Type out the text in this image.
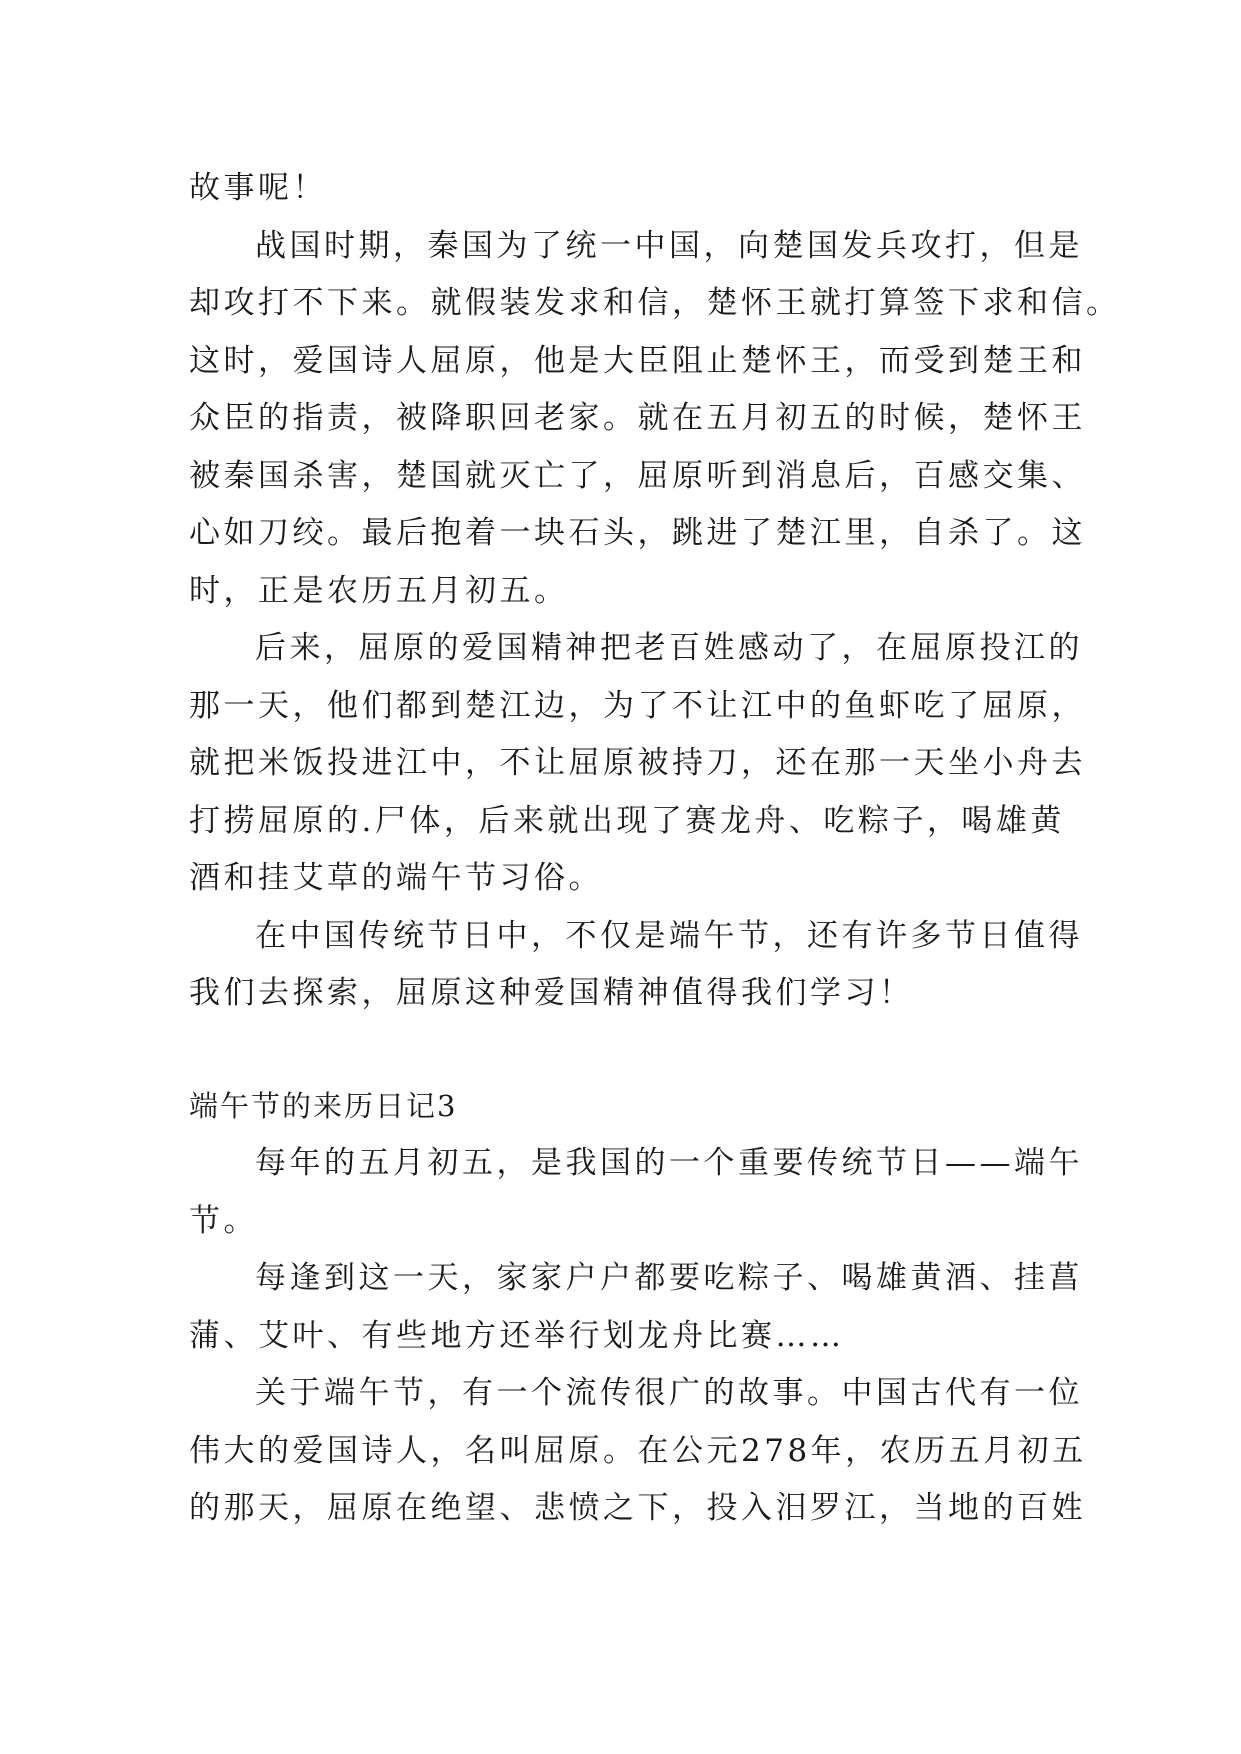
故事呢！
战国时期，秦国为了统一中国，向楚国发兵攻打，但是
却攻打不下来。就假装发求和信，楚怀王就打算签下求和信。
这时，爱国诗人屈原，他是大臣阻止楚怀王，而受到楚王和
众臣的指责，被降职回老家。就在五月初五的时候，楚怀王
被秦国杀害，楚国就灭亡了，屈原听到消息后，百感交集、
心如刀绞。最后抱着一块石头，跳进了楚江里，自杀了。这
时，正是农历五月初五。
后来，屈原的爱国精神把老百姓感动了，在屈原投江的
那一天，他们都到楚江边，为了不让江中的鱼虾吃了屈原，
就把米饭投进江中，不让屈原被持刀，还在那一天坐小舟去
打捞屈原的.尸体，后来就出现了赛龙舟、吃粽子，喝雄黄
酒和挂艾草的端午节习俗。
在中国传统节日中，不仅是端午节，还有许多节日值得
我们去探索，屈原这种爱国精神值得我们学习！
端午节的来历日记3
每年的五月初五，是我国的一个重要传统节日——端午
节。
每逢到这一天，家家户户都要吃粽子、喝雄黄酒、挂菖
蒲、艾叶、有些地方还举行划龙舟比赛……
关于端午节，有一个流传很广的故事。中国古代有一位
伟大的爱国诗人，名叫屈原。在公元278年，农历五月初五
的那天，屈原在绝望、悲愤之下，投入汨罗江，当地的百姓
